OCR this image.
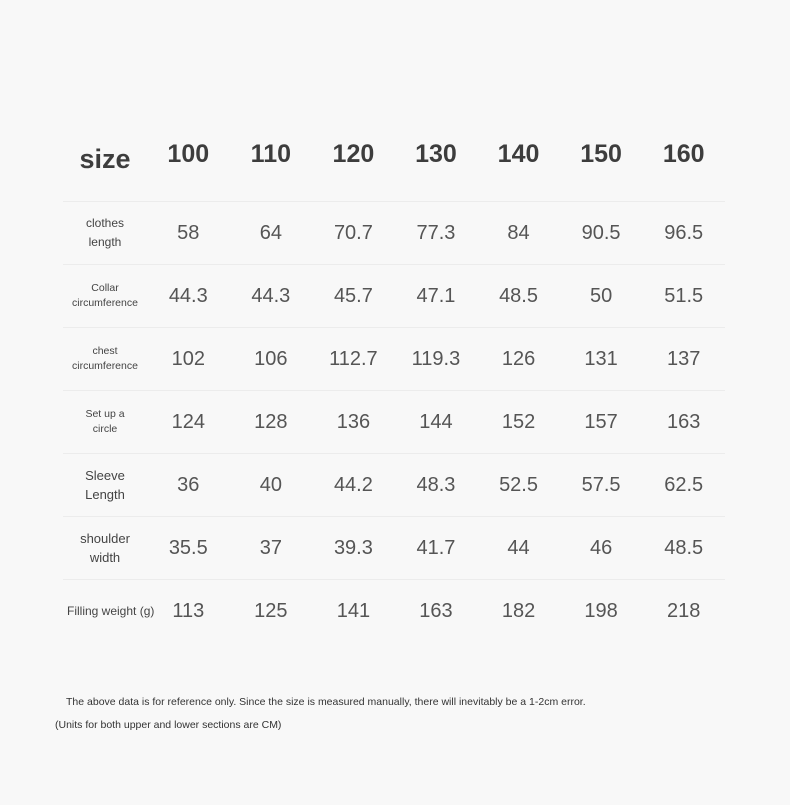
size	100	110	120	130	140	150	160
clothes
length	58	64	70.7	77.3	84	90.5	96.5
Collar
circumference	44.3	44.3	45.7	47.1	48.5	50	51.5
chest
circumference	102	106	112.7	119.3	126	131	137
Set up a
circle	124	128	136	144	152	157	163
Sleeve
Length	36	40	44.2	48.3	52.5	57.5	62.5
shoulder
width	35.5	37	39.3	41.7	44	46	48.5
Filling weight (g)	113	125	141	163	182	198	218
The above data is for reference only. Since the size is measured manually, there will inevitably be a 1-2cm error.
(Units for both upper and lower sections are CM)
